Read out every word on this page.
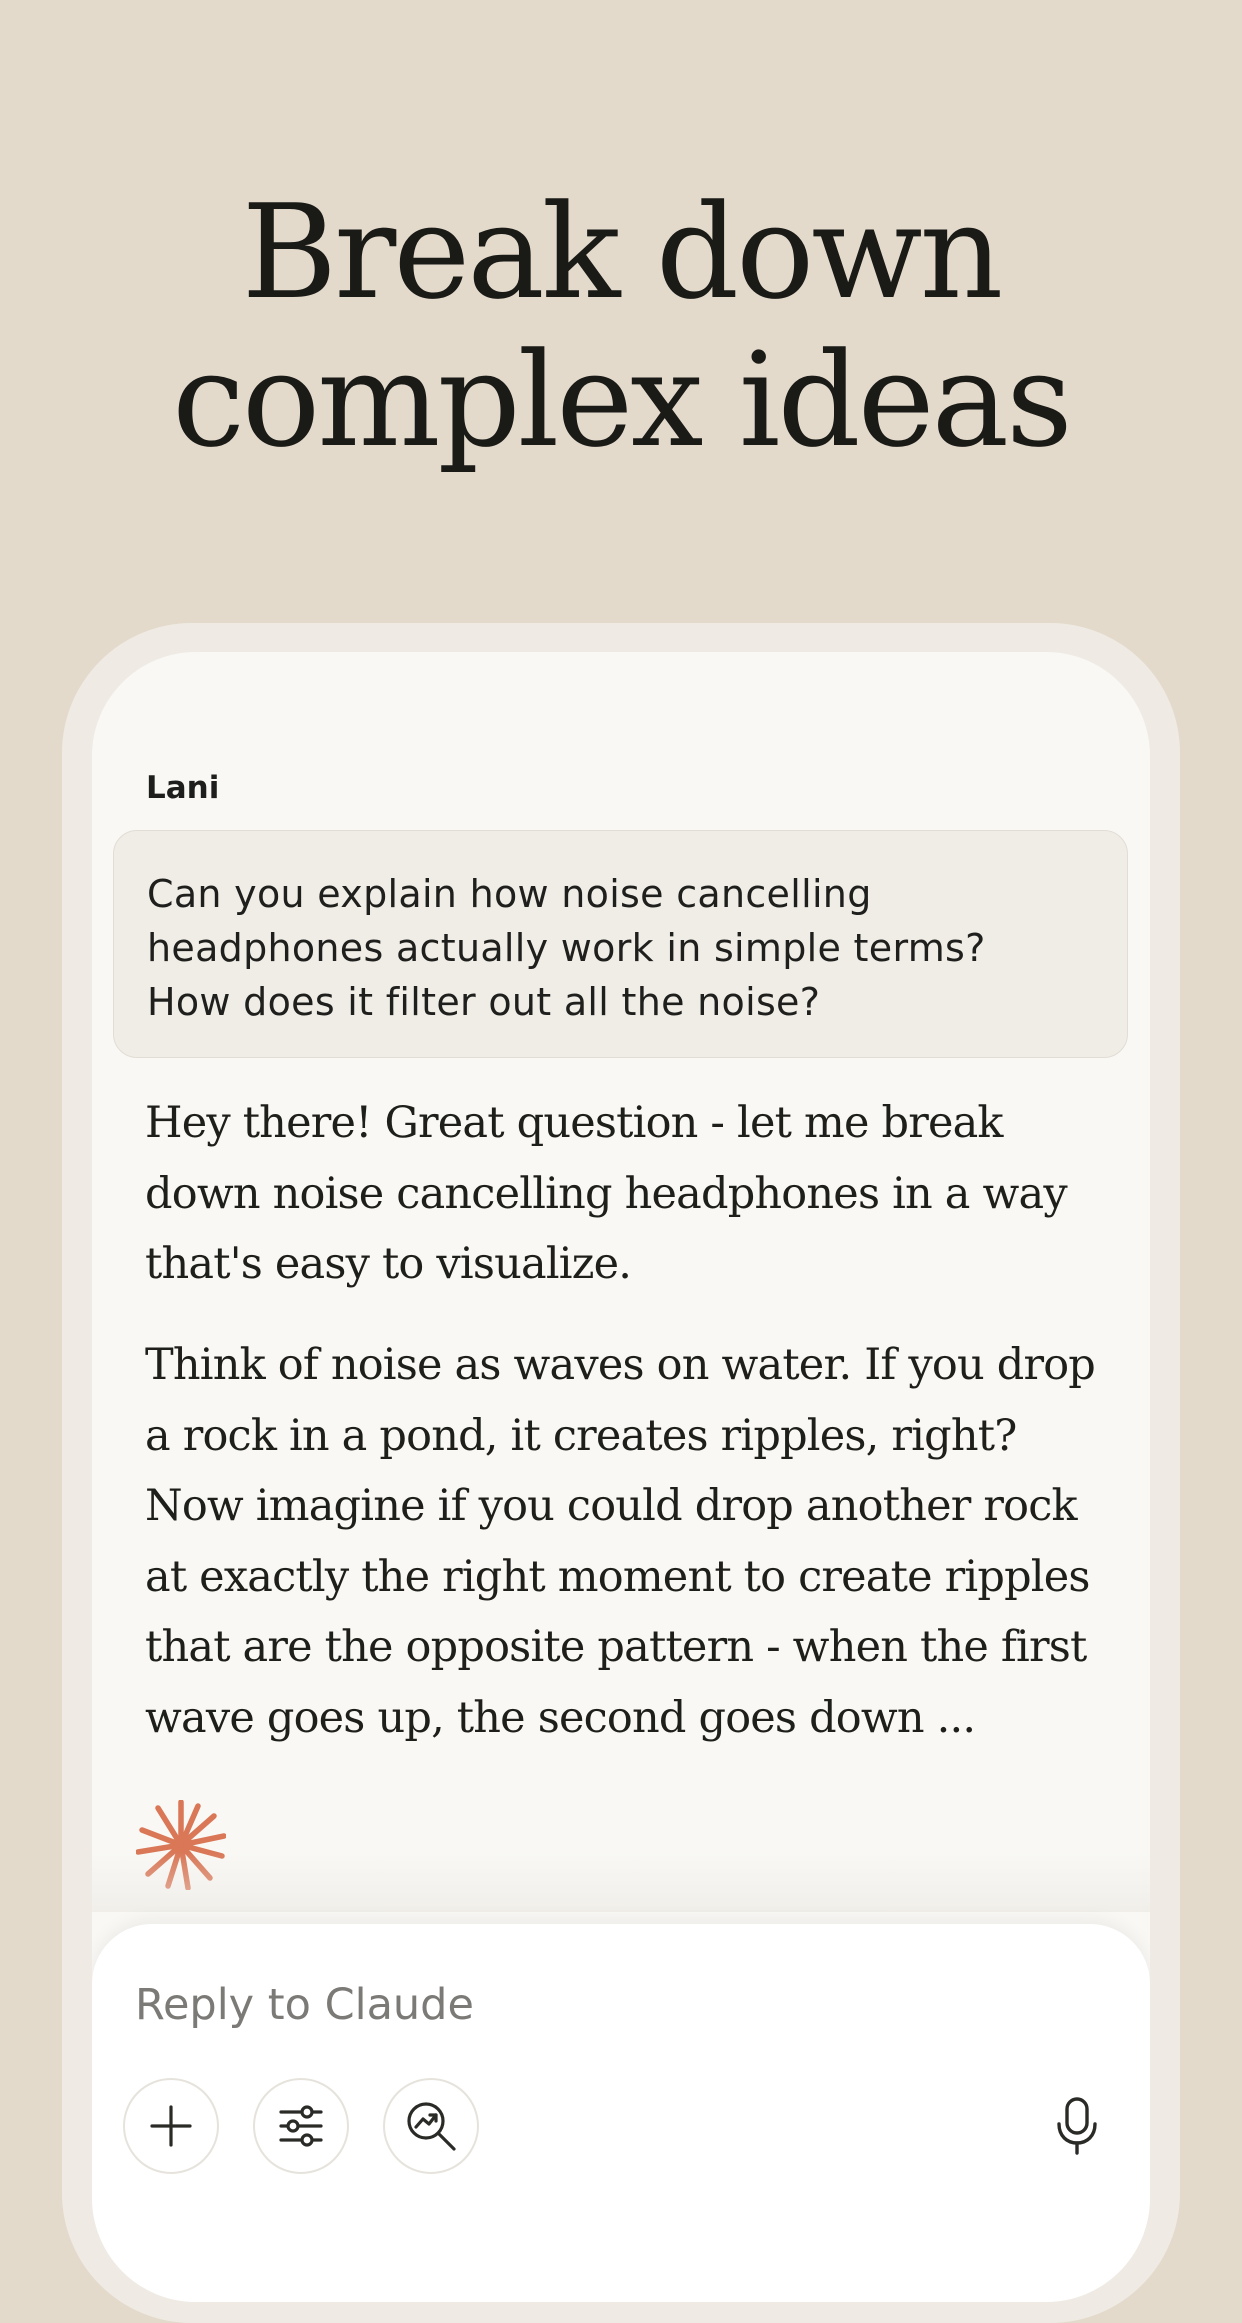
Break down
complex ideas
Lani
Can you explain how noise cancelling
headphones actually work in simple terms?
How does it filter out all the noise?
Hey there! Great question - let me break
down noise cancelling headphones in a way
that's easy to visualize.
Think of noise as waves on water. If you drop
a rock in a pond, it creates ripples, right?
Now imagine if you could drop another rock
at exactly the right moment to create ripples
that are the opposite pattern - when the first
wave goes up, the second goes down ...
Reply to Claude
